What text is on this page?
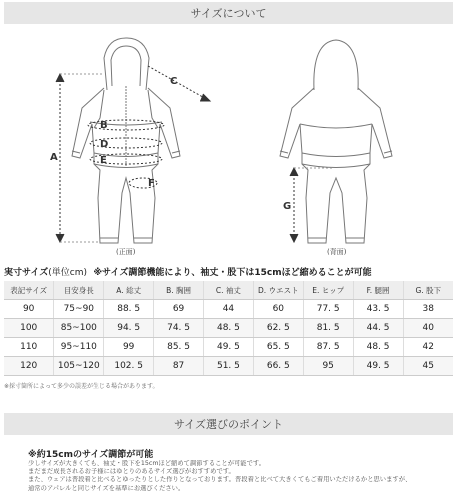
サイズについて
A
B
C
D
E
F
(正面)
G
(背面)
実寸サイズ(単位cm) ※サイズ調節機能により、袖丈・股下は15cmほど縮めることが可能
表記サイズ	目安身長	A. 総丈	B. 胸囲	C. 袖丈	D. ウエスト	E. ヒップ	F. 腿囲	G. 股下
90	75~90	88. 5	69	44	60	77. 5	43. 5	38
100	85~100	94. 5	74. 5	48. 5	62. 5	81. 5	44. 5	40
110	95~110	99	85. 5	49. 5	65. 5	87. 5	48. 5	42
120	105~120	102. 5	87	51. 5	66. 5	95	49. 5	45
※採寸箇所によって多少の誤差が生じる場合があります。
サイズ選びのポイント
※約15cmのサイズ調節が可能
少しサイズが大きくても、袖丈・股下を15cmほど縮めて調節することが可能です。
まだまだ成長されるお子様にはゆとりのあるサイズ選びがおすすめです。
また、ウェアは普段着と比べるとゆったりとした作りとなっております。普段着と比べて大きくてもご着用いただけるかと思いますが、
通常のアパレルと同じサイズを基準にお選びください。
